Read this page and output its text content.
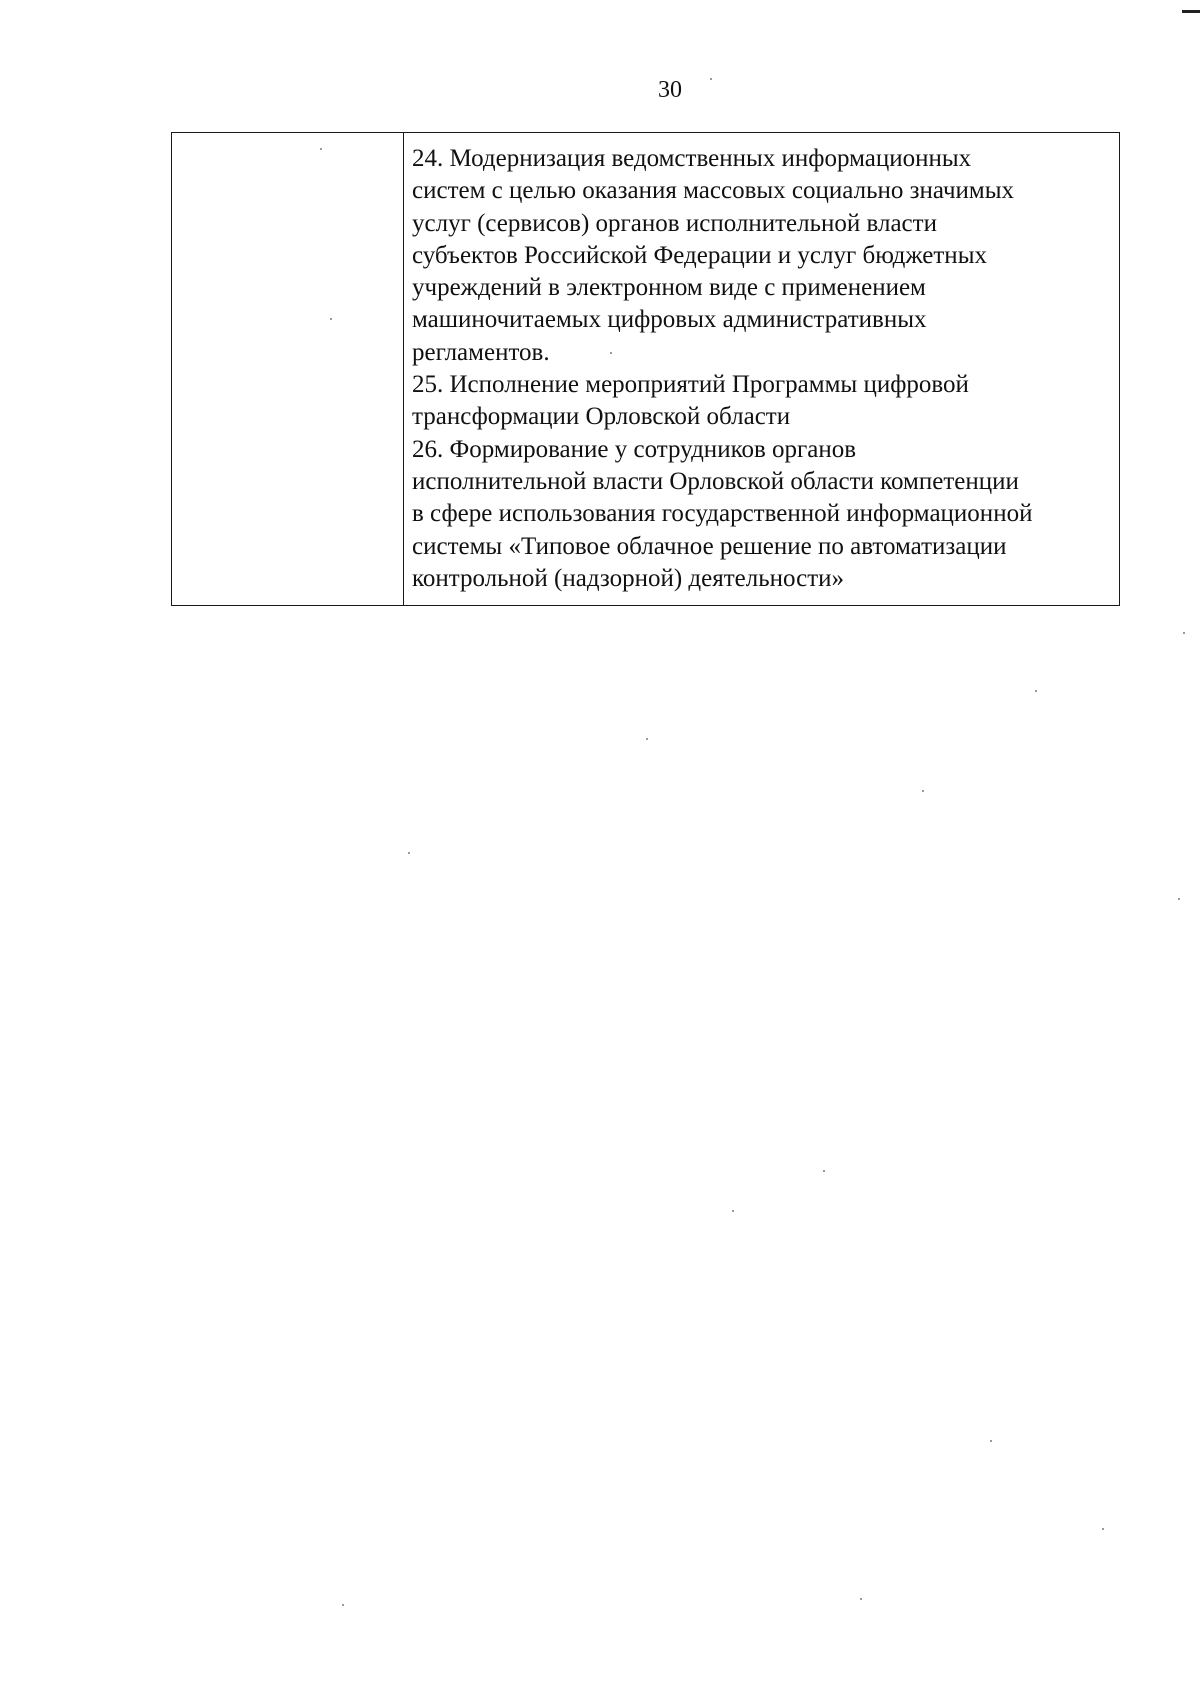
30
24. Модернизация ведомственных информационных
систем с целью оказания массовых социально значимых
услуг (сервисов) органов исполнительной власти
субъектов Российской Федерации и услуг бюджетных
учреждений в электронном виде с применением
машиночитаемых цифровых административных
регламентов.
25. Исполнение мероприятий Программы цифровой
трансформации Орловской области
26. Формирование у сотрудников органов
исполнительной власти Орловской области компетенции
в сфере использования государственной информационной
системы «Типовое облачное решение по автоматизации
контрольной (надзорной) деятельности»
